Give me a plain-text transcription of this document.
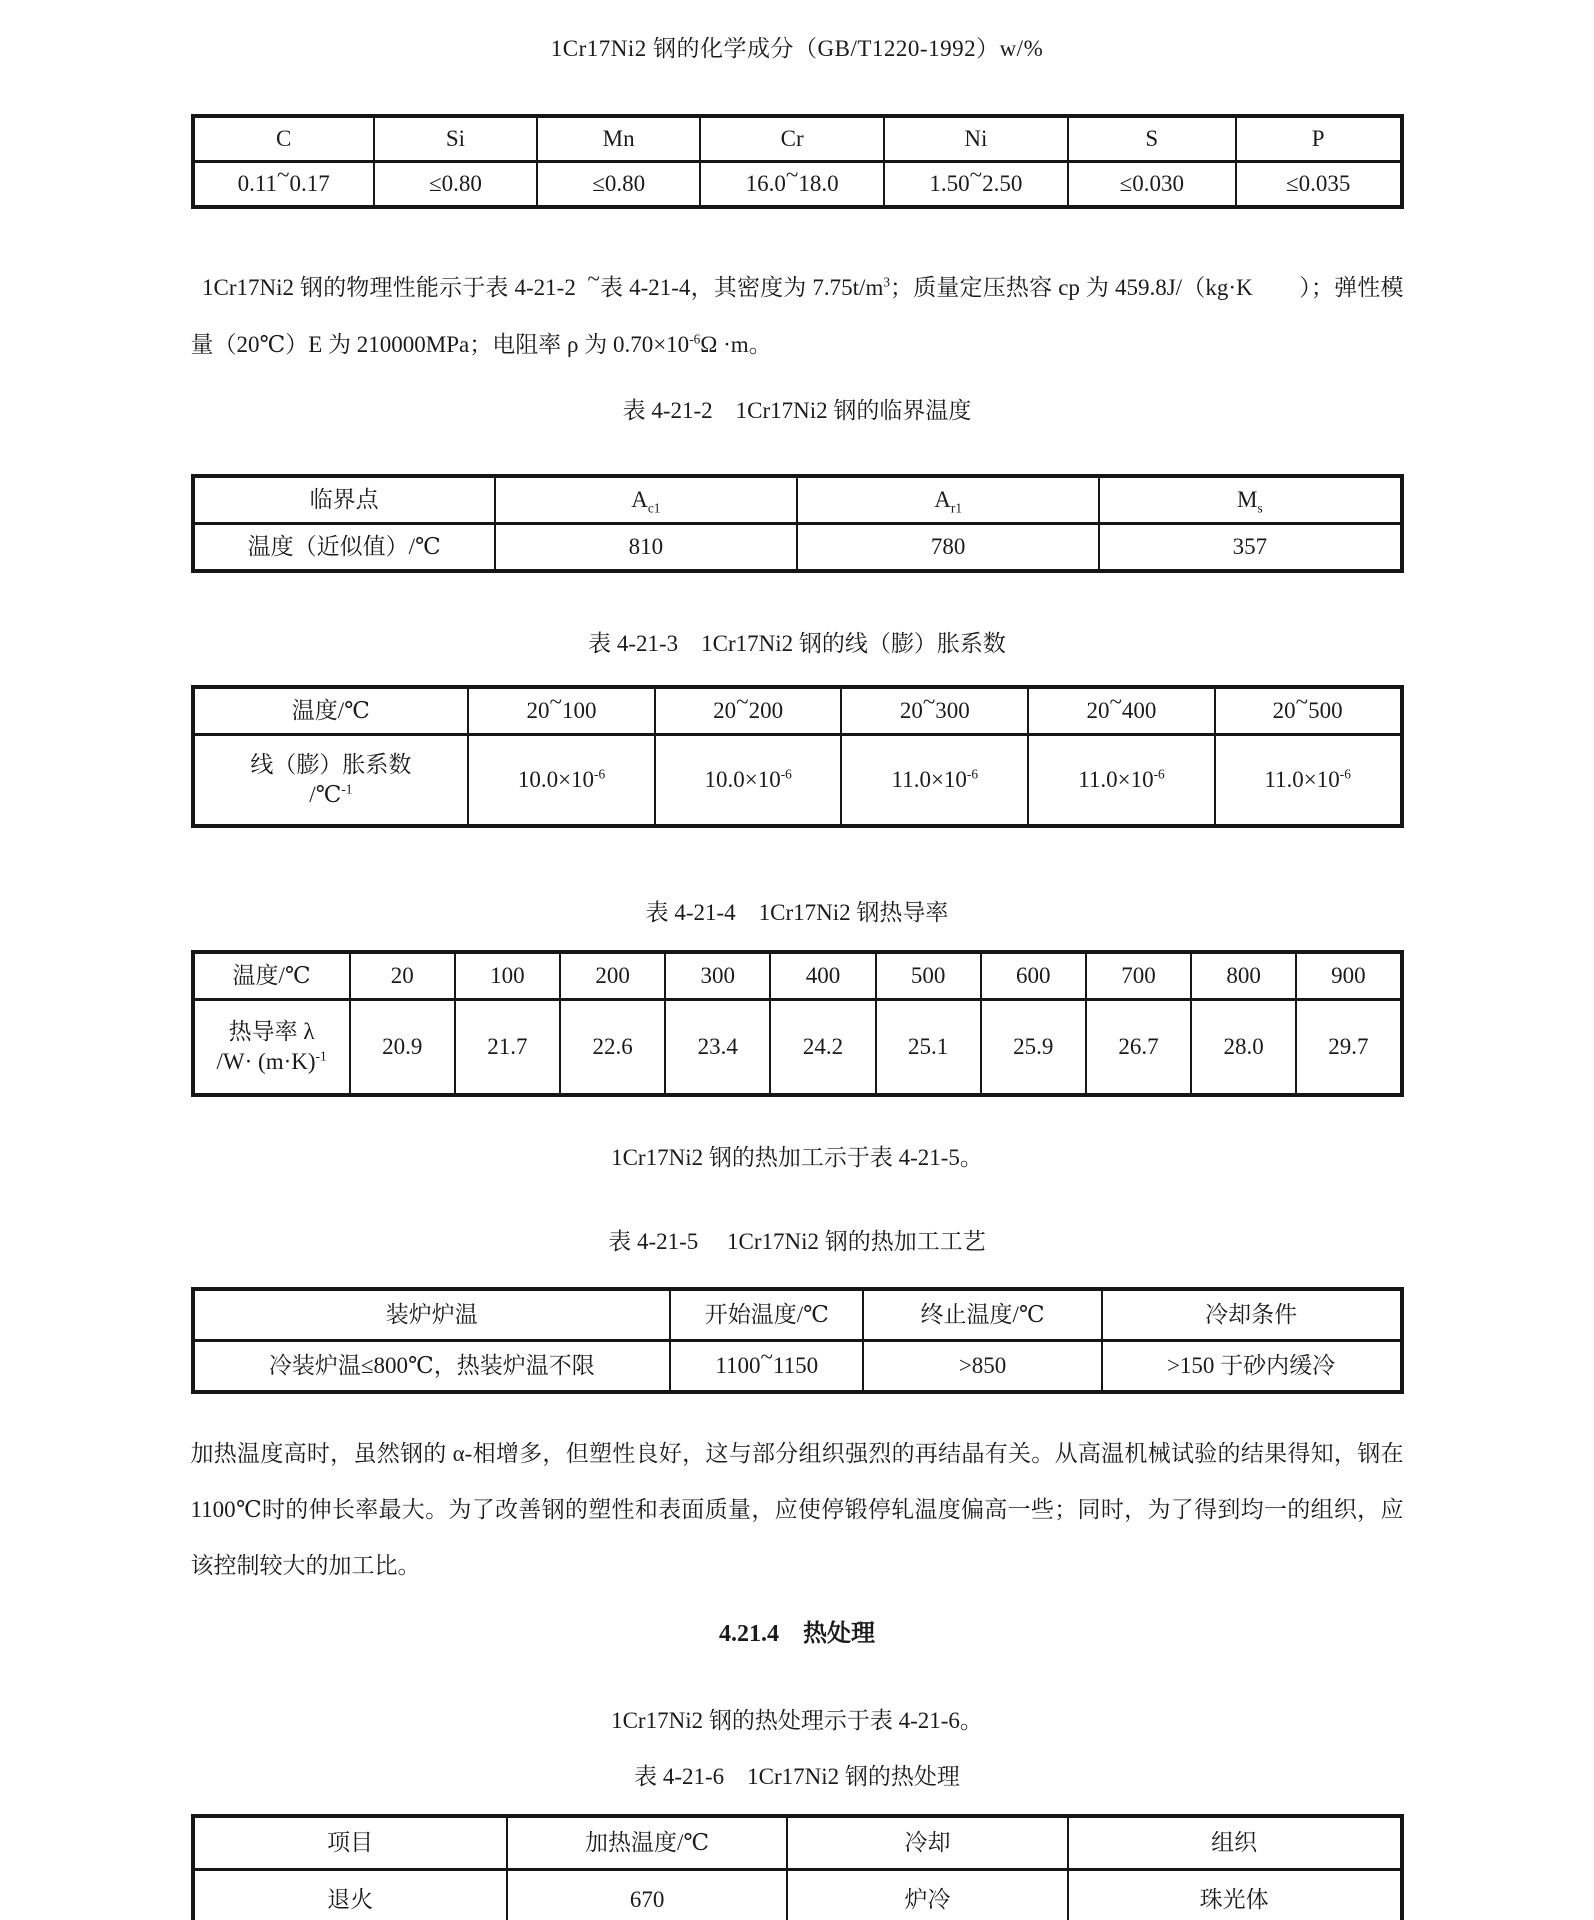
1Cr17Ni2 钢的化学成分（GB/T1220-1992）w/%
C	Si	Mn	Cr	Ni	S	P
0.11~0.17	≤0.80	≤0.80	16.0~18.0	1.50~2.50	≤0.030	≤0.035

1Cr17Ni2 钢的物理性能示于表 4-21-2 ~表 4-21-4，其密度为 $7.75t/m^3$；质量定压热容 cp 为 459.8J/（kg·K　　）；弹性模量（20℃）E 为 210000MPa；电阻率 ρ 为 $0.70\times 10^{-6}\Omega \cdot m$。

表 4-21-2　1Cr17Ni2 钢的临界温度
临界点	$A_{c1}$	$A_{r1}$	$M_s$
温度（近似值）/℃	810	780	357
表 4-21-3　1Cr17Ni2 钢的线（膨）胀系数
温度/℃	20~100	20~200	20~300	20~400	20~500
线（膨）胀系数
/℃$^{-1}$	$10.0\times 10^{-6}$	$10.0\times 10^{-6}$	$11.0\times 10^{-6}$	$11.0\times 10^{-6}$	$11.0\times 10^{-6}$
表 4-21-4　1Cr17Ni2 钢热导率
温度/℃	20	100	200	300	400	500	600	700	800	900
热导率 λ
$/W\cdot (m\cdot K)^{-1}$	20.9	21.7	22.6	23.4	24.2	25.1	25.9	26.7	28.0	29.7
1Cr17Ni2 钢的热加工示于表 4-21-5。
表 4-21-5　 1Cr17Ni2 钢的热加工工艺
装炉炉温	开始温度/℃	终止温度/℃	冷却条件
冷装炉温≤800℃，热装炉温不限	1100~1150	>850	>150 于砂内缓冷

加热温度高时，虽然钢的 α-相增多，但塑性良好，这与部分组织强烈的再结晶有关。从高温机械试验的结果得知，钢在 1100℃时的伸长率最大。为了改善钢的塑性和表面质量，应使停锻停轧温度偏高一些；同时，为了得到均一的组织，应该控制较大的加工比。

4.21.4　热处理
1Cr17Ni2 钢的热处理示于表 4-21-6。
表 4-21-6　1Cr17Ni2 钢的热处理
项目	加热温度/℃	冷却	组织
退火	670	炉冷	珠光体
